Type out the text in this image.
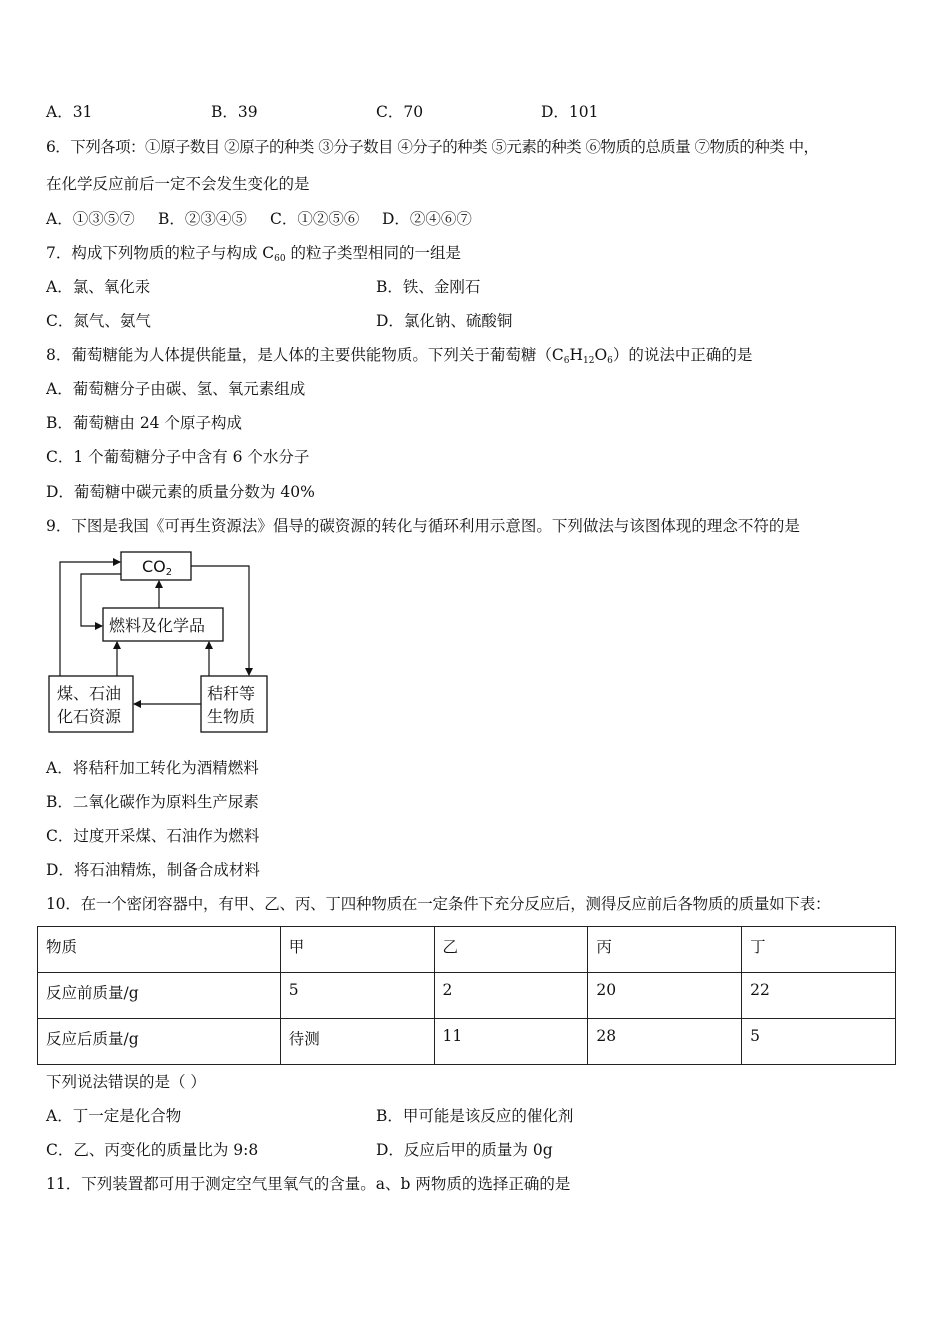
A．31	B．39	C．70	D．101
6．下列各项：①原子数目 ②原子的种类 ③分子数目 ④分子的种类 ⑤元素的种类 ⑥物质的总质量 ⑦物质的种类 中，
在化学反应前后一定不会发生变化的是
A．①③⑤⑦ B．②③④⑤ C．①②⑤⑥ D．②④⑥⑦
7．构成下列物质的粒子与构成 $C_{60}$ 的粒子类型相同的一组是
A．氯、氧化汞	B．铁、金刚石
C．氮气、氨气	D．氯化钠、硫酸铜
8．葡萄糖能为人体提供能量，是人体的主要供能物质。下列关于葡萄糖$(C_6H_{12}O_6)$的说法中正确的是
A．葡萄糖分子由碳、氢、氧元素组成
B．葡萄糖由 24 个原子构成
C．1 个葡萄糖分子中含有 6 个水分子
D．葡萄糖中碳元素的质量分数为 40%
9．下图是我国《可再生资源法》倡导的碳资源的转化与循环利用示意图。下列做法与该图体现的理念不符的是
CO2
燃料及化学品
煤、石油
化石资源
秸秆等
生物质
A．将秸秆加工转化为酒精燃料
B．二氧化碳作为原料生产尿素
C．过度开采煤、石油作为燃料
D．将石油精炼，制备合成材料
10．在一个密闭容器中，有甲、乙、丙、丁四种物质在一定条件下充分反应后，测得反应前后各物质的质量如下表：
物质	甲	乙	丙	丁
反应前质量/g	5	2	20	22
反应后质量/g	待测	11	28	5
下列说法错误的是（ ）
A．丁一定是化合物	B．甲可能是该反应的催化剂
C．乙、丙变化的质量比为 9:8	D．反应后甲的质量为 0g
11．下列装置都可用于测定空气里氧气的含量。a、b 两物质的选择正确的是
